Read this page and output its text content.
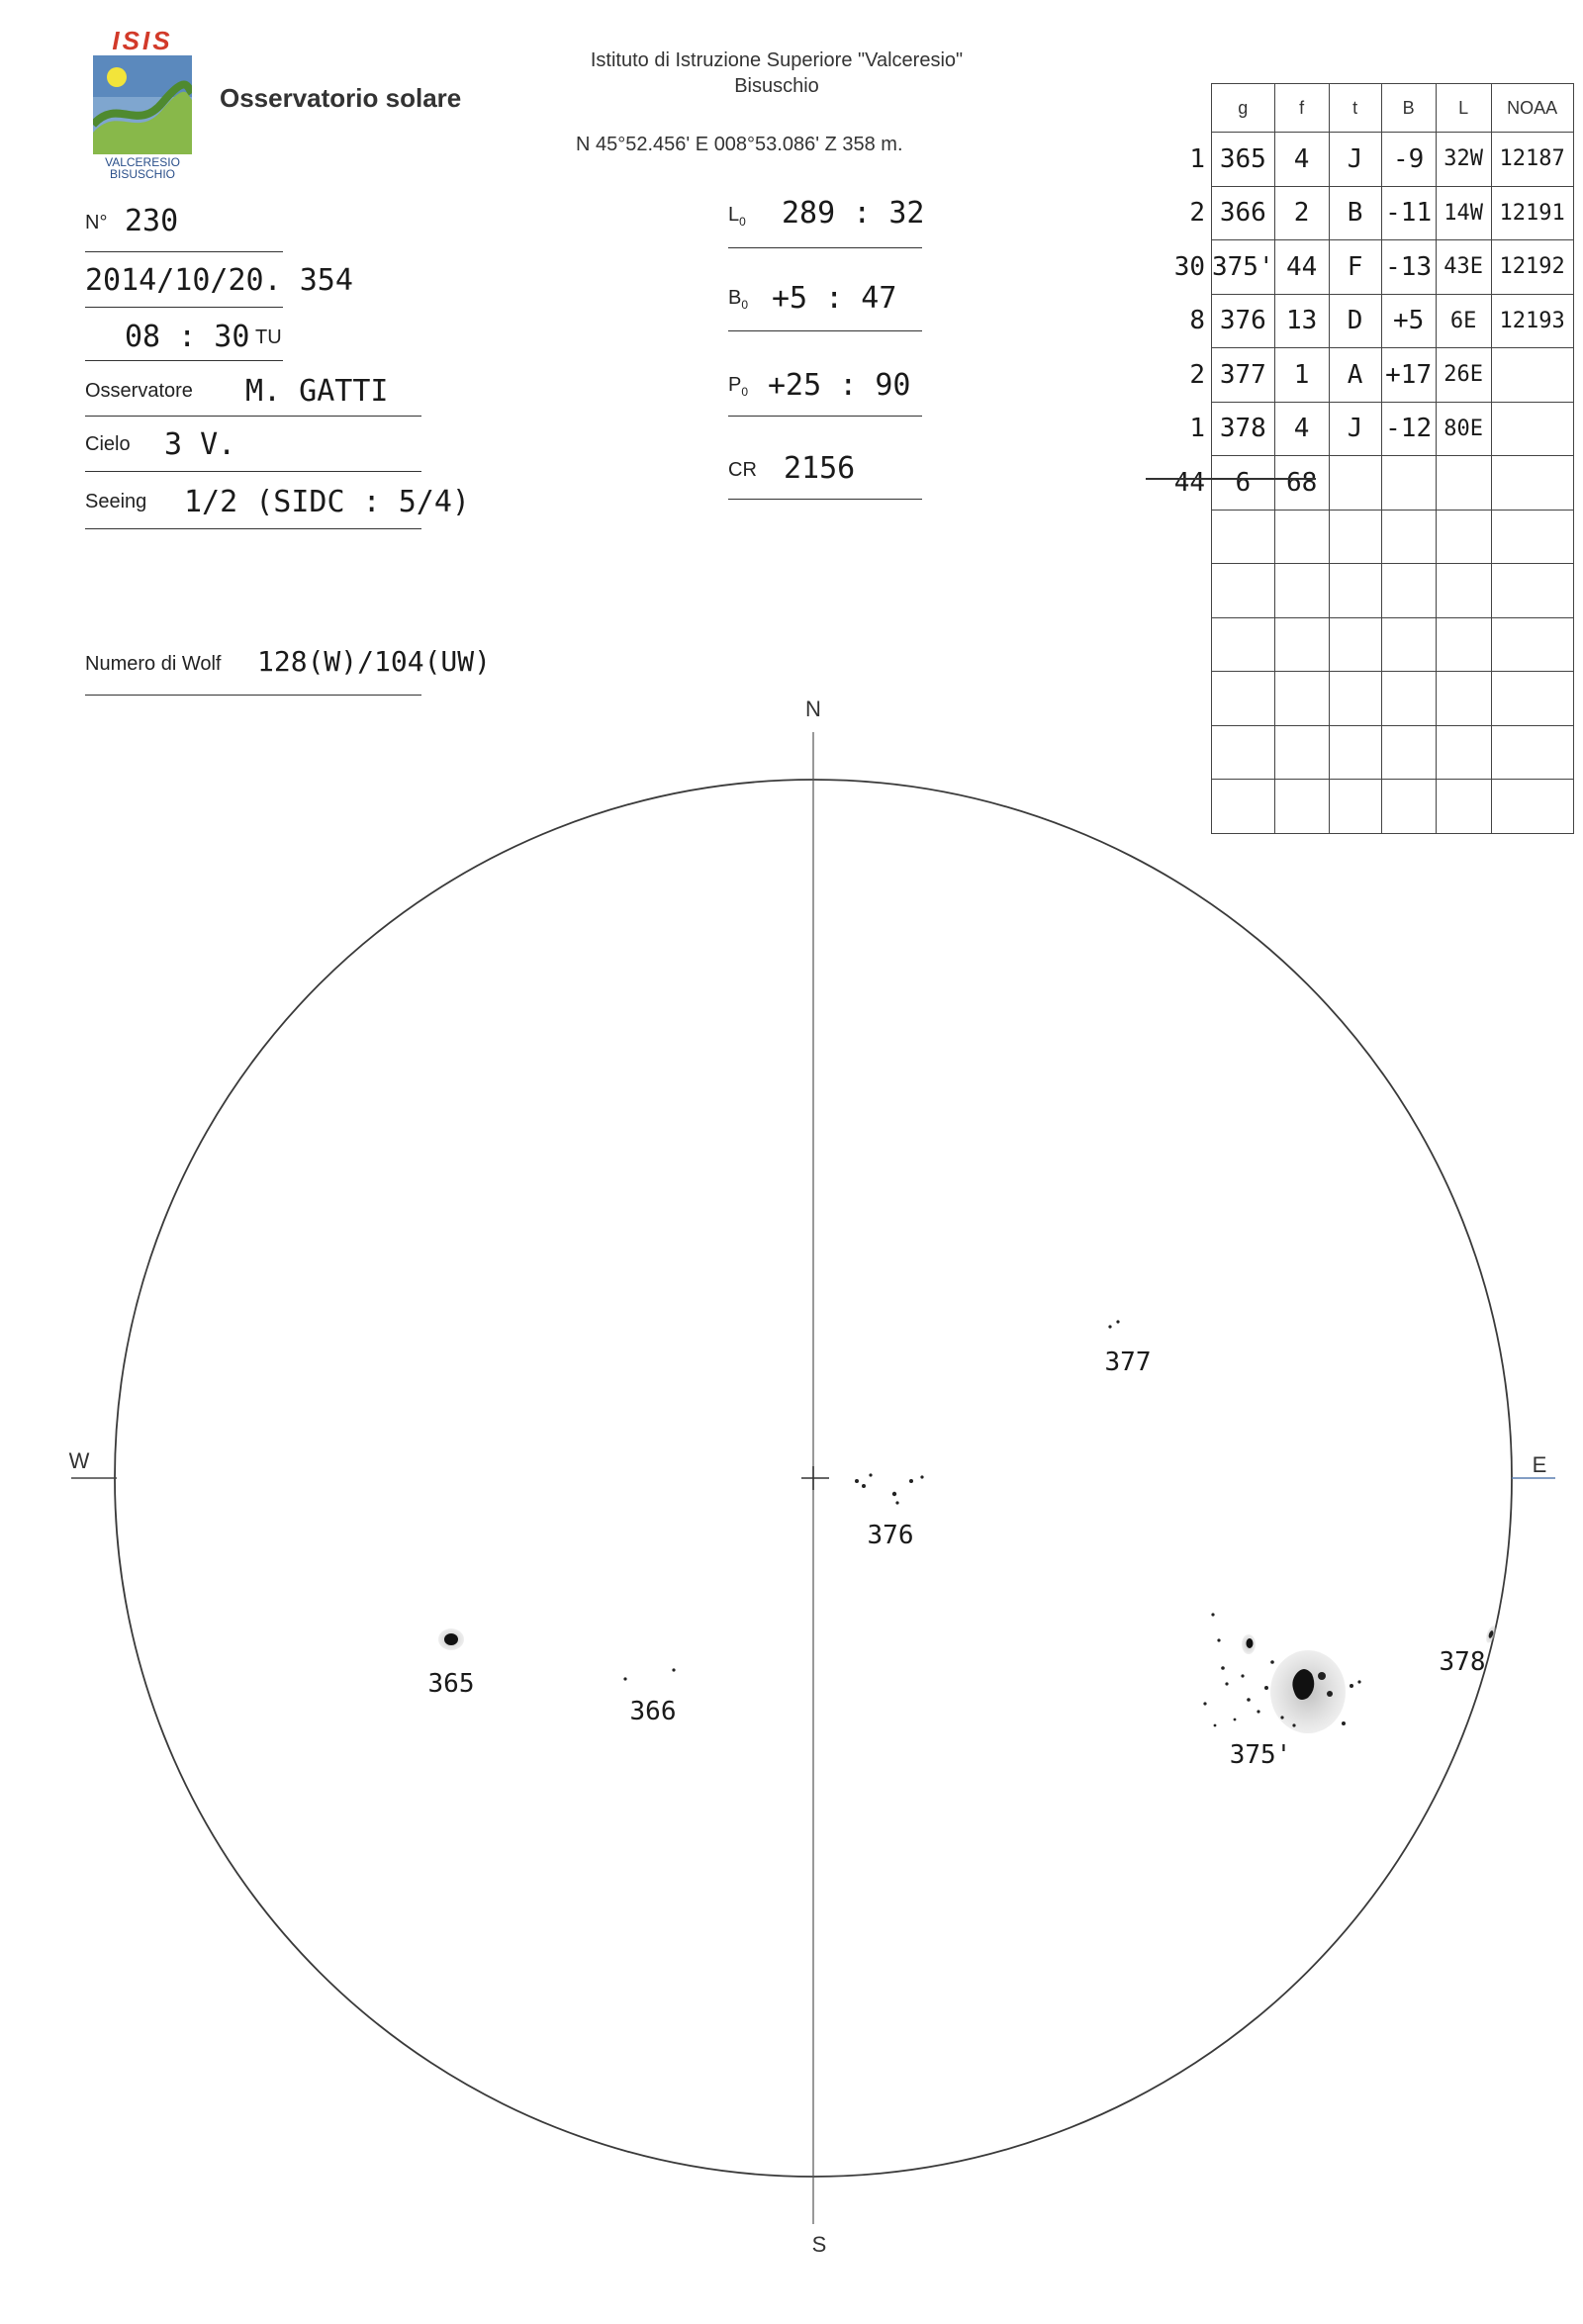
ISIS
VALCERESIO
BISUSCHIO
Osservatorio solare
Istituto di Istruzione Superiore "Valceresio"
Bisuschio
N 45°52.456' E 008°53.086' Z 358 m.
N° 230
2014/10/20. 354
08 : 30 TU
Osservatore M. GATTI
Cielo 3 V.
Seeing 1/2 (SIDC : 5/4)
Numero di Wolf 128(W)/104(UW)
$L_0$ 289 : 32
$B_0 +5$ : 47
$P_0 +25$ : 90
CR 2156
	g	f	t	B	L	NOAA
1	365	4	J	-9	32W	12187
2	366	2	B	-11	14W	12191
30	375'	44	F	-13	43E	12192
8	376	13	D	+5	6E	12193
2	377	1	A	+17	26E	
1	378	4	J	-12	80E	
44	6	68				

N
S
W	E
365
366
376
377
378
375'
